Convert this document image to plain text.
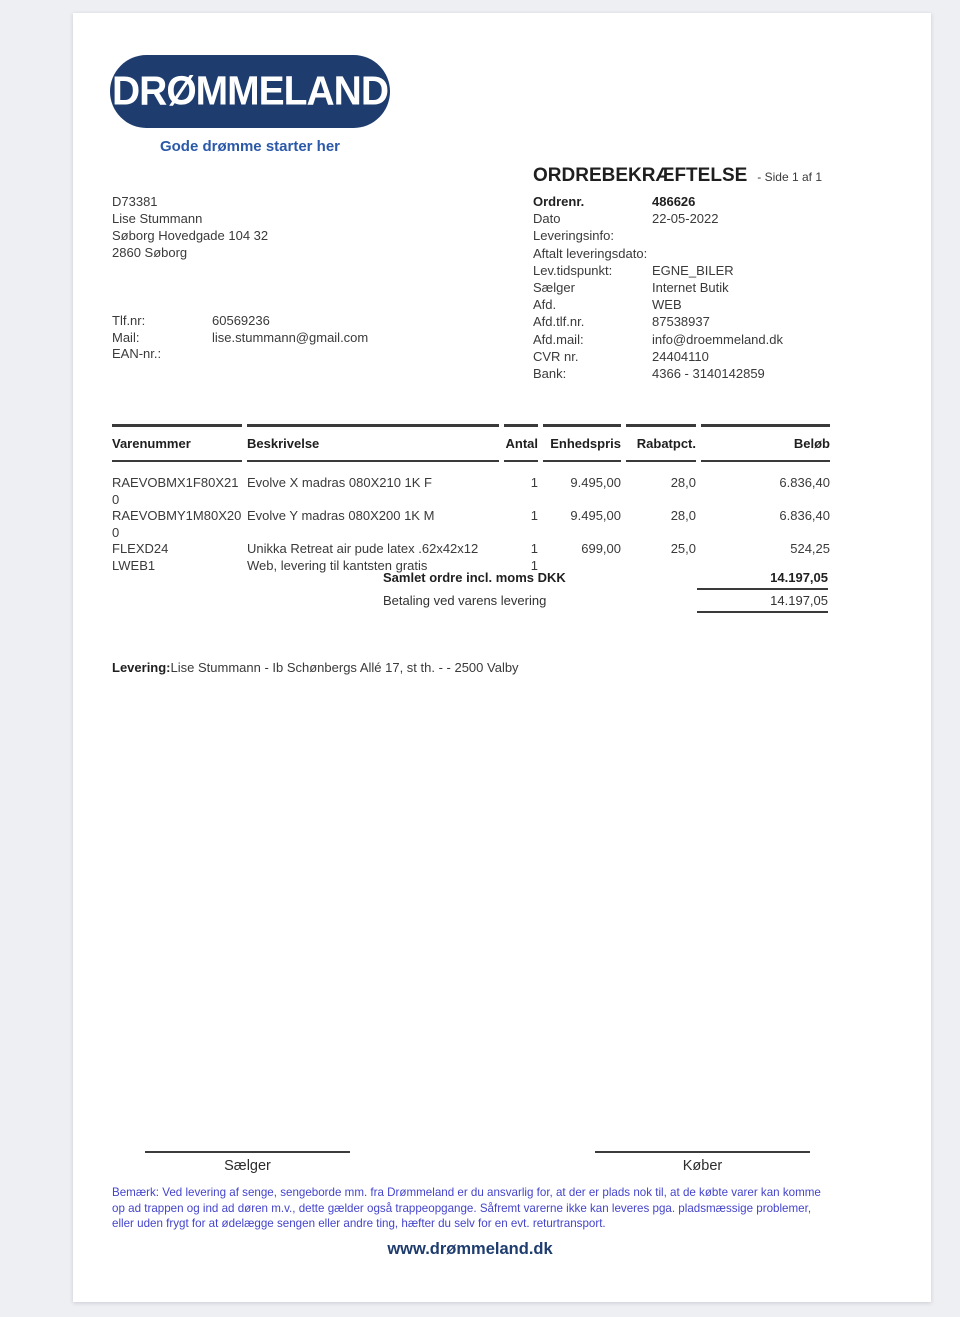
DRØMMELAND
Gode drømme starter her
D73381
Lise Stummann
Søborg Hovedgade 104 32
2860 Søborg
Tlf.nr:	60569236
Mail:	lise.stummann@gmail.com
EAN-nr.:
ORDREBEKRÆFTELSE - Side 1 af 1
Ordrenr.	486626
Dato	22-05-2022
Leveringsinfo:
Aftalt leveringsdato:
Lev.tidspunkt:	EGNE_BILER
Sælger	Internet Butik
Afd.	WEB
Afd.tlf.nr.	87538937
Afd.mail:	info@droemmeland.dk
CVR nr.	24404110
Bank:	4366 - 3140142859
Varenummer	Beskrivelse	Antal	Enhedspris	Rabatpct.	Beløb
RAEVOBMX1F80X210	Evolve X madras 080X210 1K F	1	9.495,00	28,0	6.836,40
RAEVOBMY1M80X200	Evolve Y madras 080X200 1K M	1	9.495,00	28,0	6.836,40
FLEXD24	Unikka Retreat air pude latex .62x42x12	1	699,00	25,0	524,25
LWEB1	Web, levering til kantsten gratis	1			
Samlet ordre incl. moms DKK	14.197,05
Betaling ved varens levering	14.197,05
Levering:Lise Stummann - Ib Schønbergs Allé 17, st th. - - 2500 Valby
Sælger	Køber
Bemærk: Ved levering af senge, sengeborde mm. fra Drømmeland er du ansvarlig for, at der er plads nok til, at de købte varer kan komme op ad trappen og ind ad døren m.v., dette gælder også trappeopgange. Såfremt varerne ikke kan leveres pga. pladsmæssige problemer, eller uden frygt for at ødelægge sengen eller andre ting, hæfter du selv for en evt. returtransport.
www.drømmeland.dk
